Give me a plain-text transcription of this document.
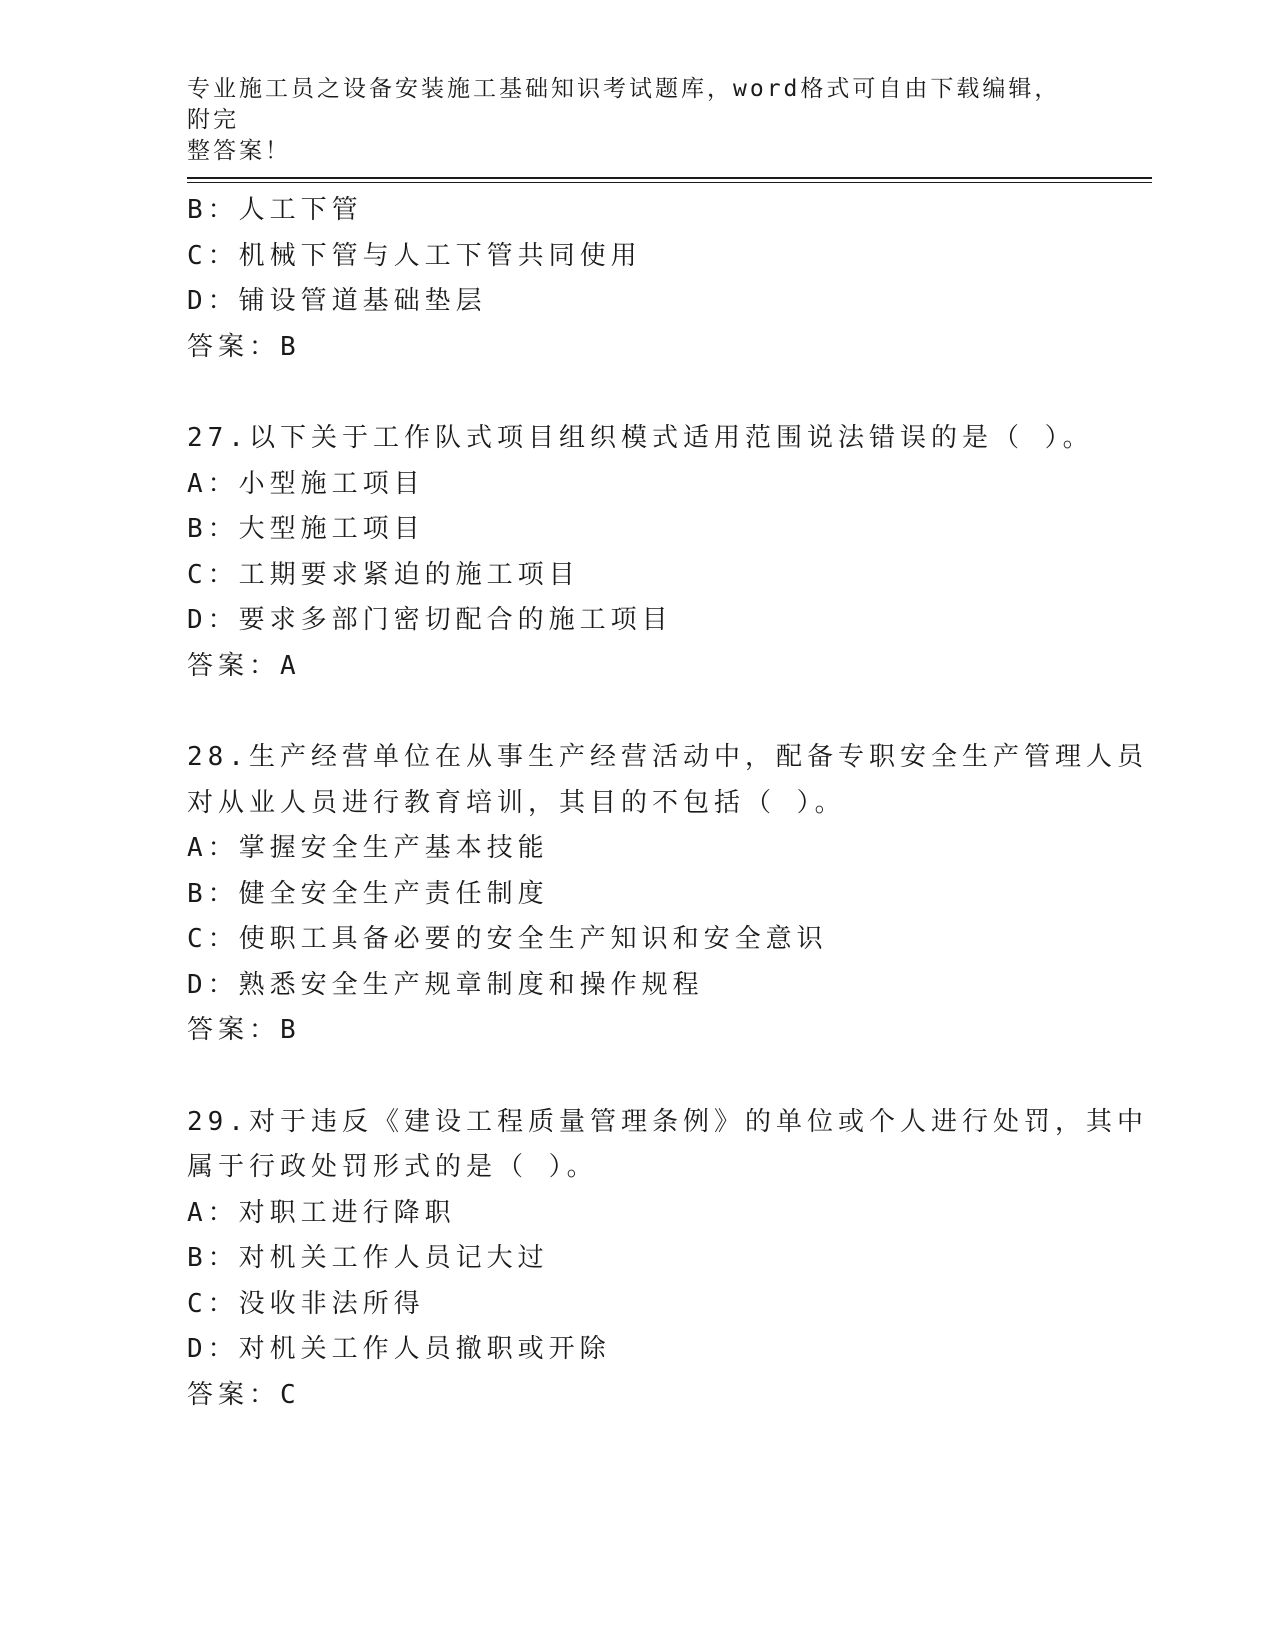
专业施工员之设备安装施工基础知识考试题库，word格式可自由下载编辑，附完
整答案！
B：人工下管
C：机械下管与人工下管共同使用
D：铺设管道基础垫层
答案：B
27.以下关于工作队式项目组织模式适用范围说法错误的是（ ）。
A：小型施工项目
B：大型施工项目
C：工期要求紧迫的施工项目
D：要求多部门密切配合的施工项目
答案：A
28.生产经营单位在从事生产经营活动中，配备专职安全生产管理人员
对从业人员进行教育培训，其目的不包括（ ）。
A：掌握安全生产基本技能
B：健全安全生产责任制度
C：使职工具备必要的安全生产知识和安全意识
D：熟悉安全生产规章制度和操作规程
答案：B
29.对于违反《建设工程质量管理条例》的单位或个人进行处罚，其中
属于行政处罚形式的是（ ）。
A：对职工进行降职
B：对机关工作人员记大过
C：没收非法所得
D：对机关工作人员撤职或开除
答案：C
